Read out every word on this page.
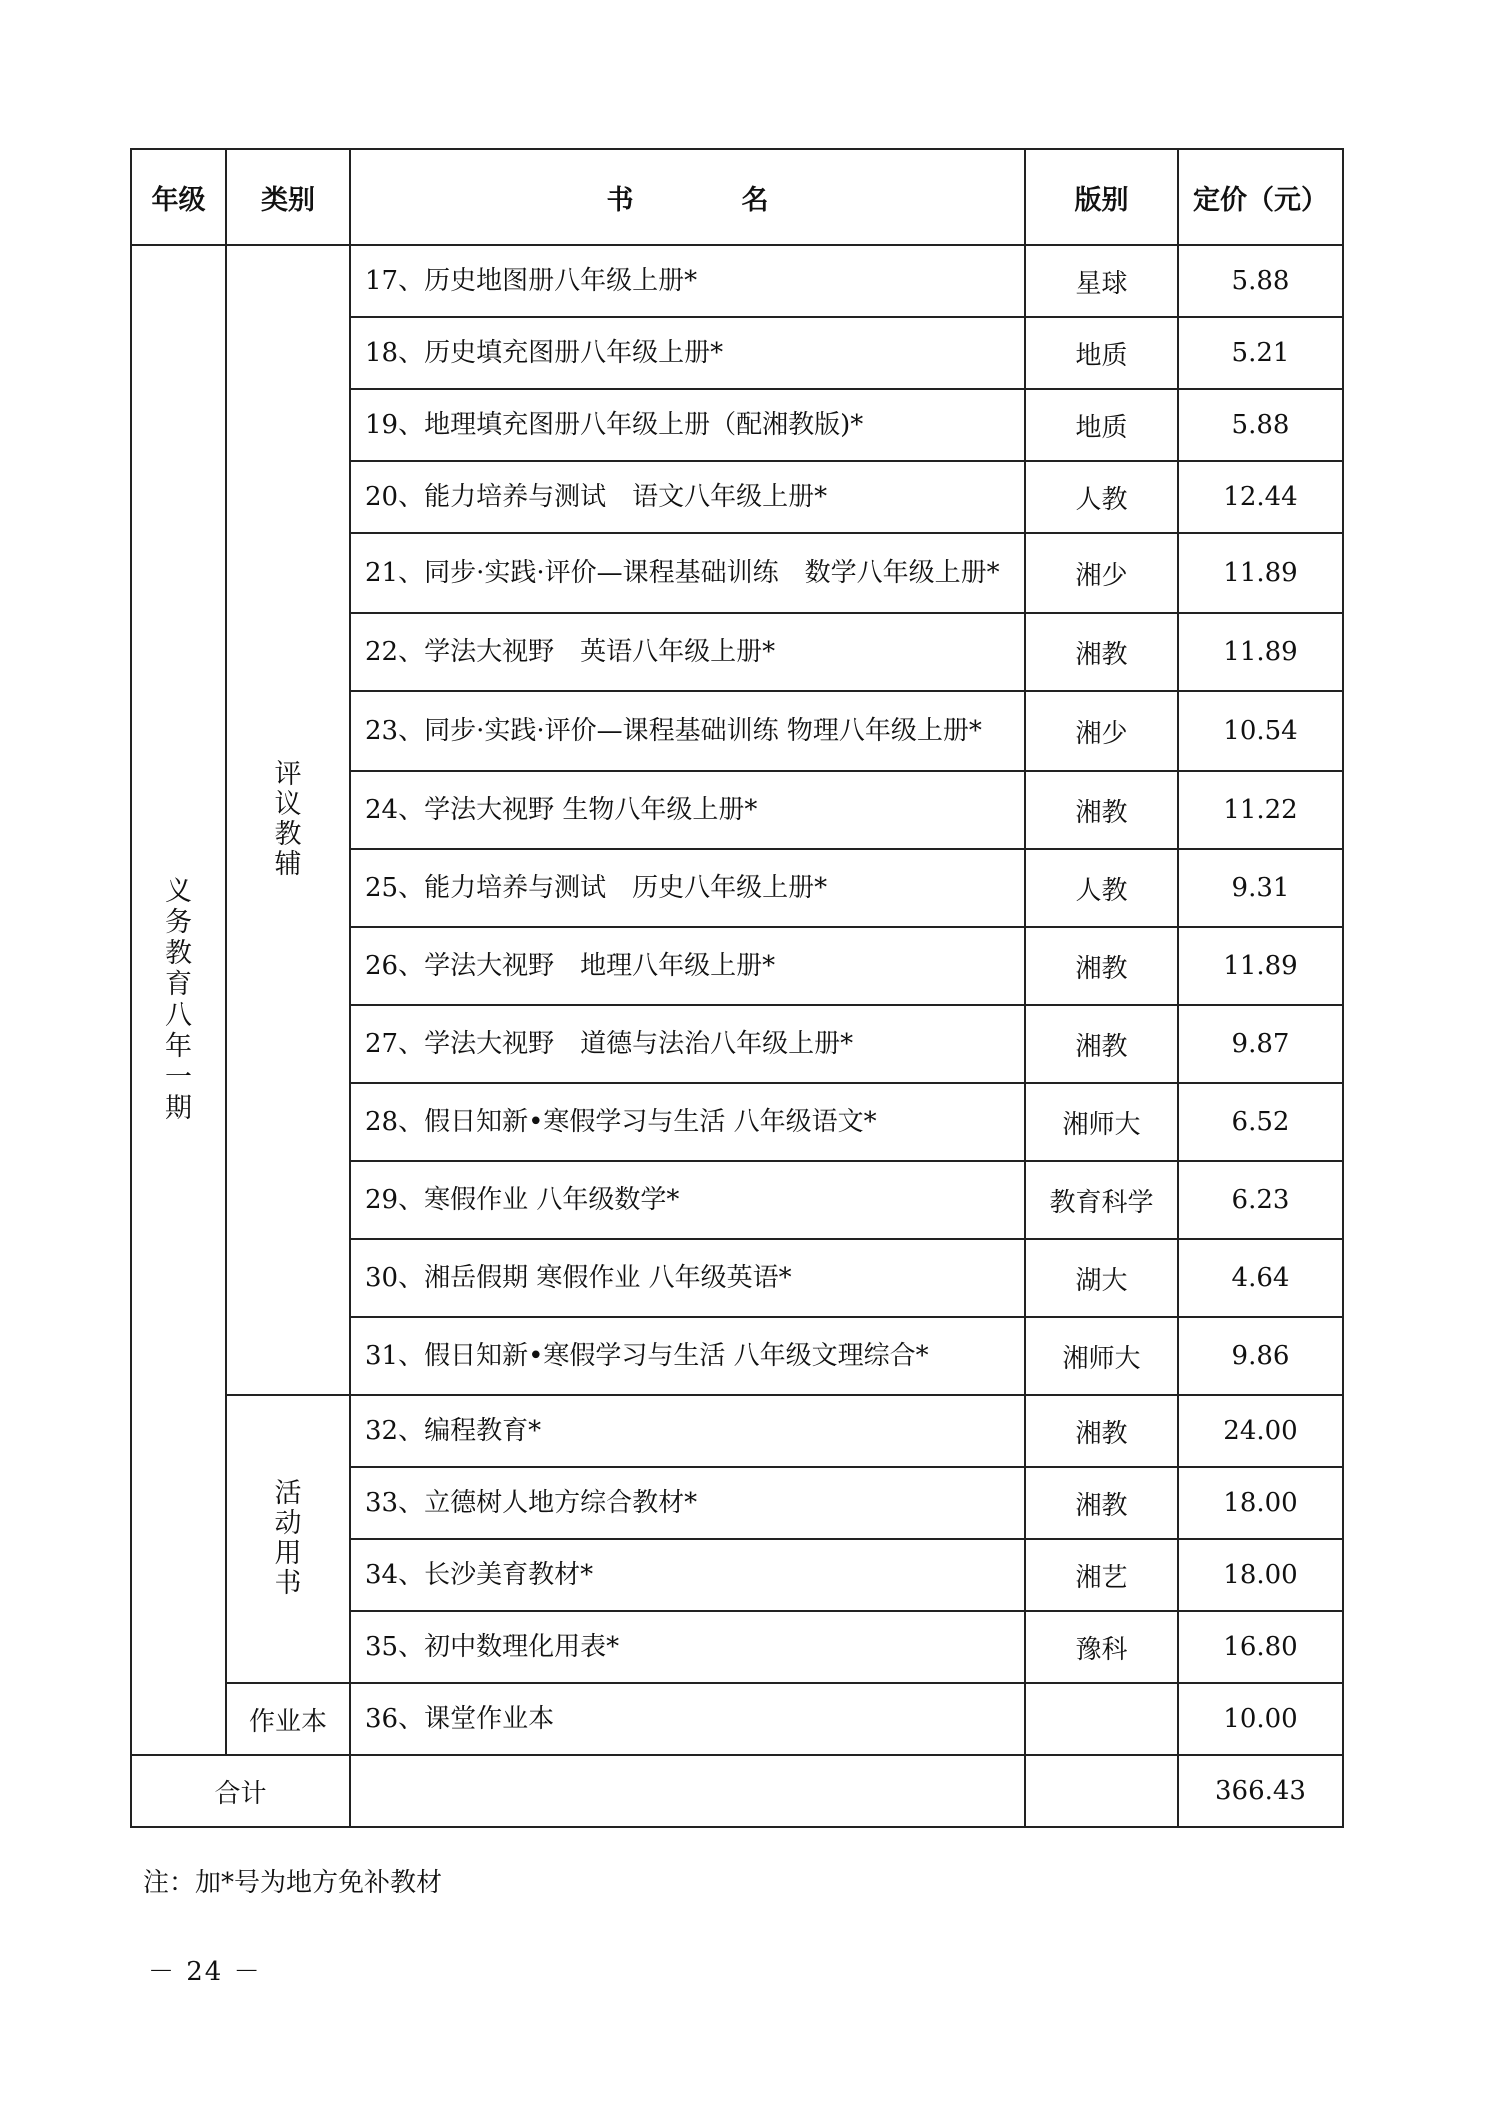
年级	类别	书　　　　名	版别	定价（元）
义务教育八年一期	评议教辅	17、历史地图册八年级上册*	星球	5.88
		18、历史填充图册八年级上册*	地质	5.21
		19、地理填充图册八年级上册（配湘教版)*	地质	5.88
		20、能力培养与测试　语文八年级上册*	人教	12.44
		21、同步·实践·评价—课程基础训练　数学八年级上册*	湘少	11.89
		22、学法大视野　英语八年级上册*	湘教	11.89
		23、同步·实践·评价—课程基础训练 物理八年级上册*	湘少	10.54
		24、学法大视野 生物八年级上册*	湘教	11.22
		25、能力培养与测试　历史八年级上册*	人教	9.31
		26、学法大视野　地理八年级上册*	湘教	11.89
		27、学法大视野　道德与法治八年级上册*	湘教	9.87
		28、假日知新•寒假学习与生活 八年级语文*	湘师大	6.52
		29、寒假作业 八年级数学*	教育科学	6.23
		30、湘岳假期 寒假作业 八年级英语*	湖大	4.64
		31、假日知新•寒假学习与生活 八年级文理综合*	湘师大	9.86
	活动用书	32、编程教育*	湘教	24.00
		33、立德树人地方综合教材*	湘教	18.00
		34、长沙美育教材*	湘艺	18.00
		35、初中数理化用表*	豫科	16.80
	作业本	36、课堂作业本		10.00
合计				366.43
注：加*号为地方免补教材
－ 24 －
